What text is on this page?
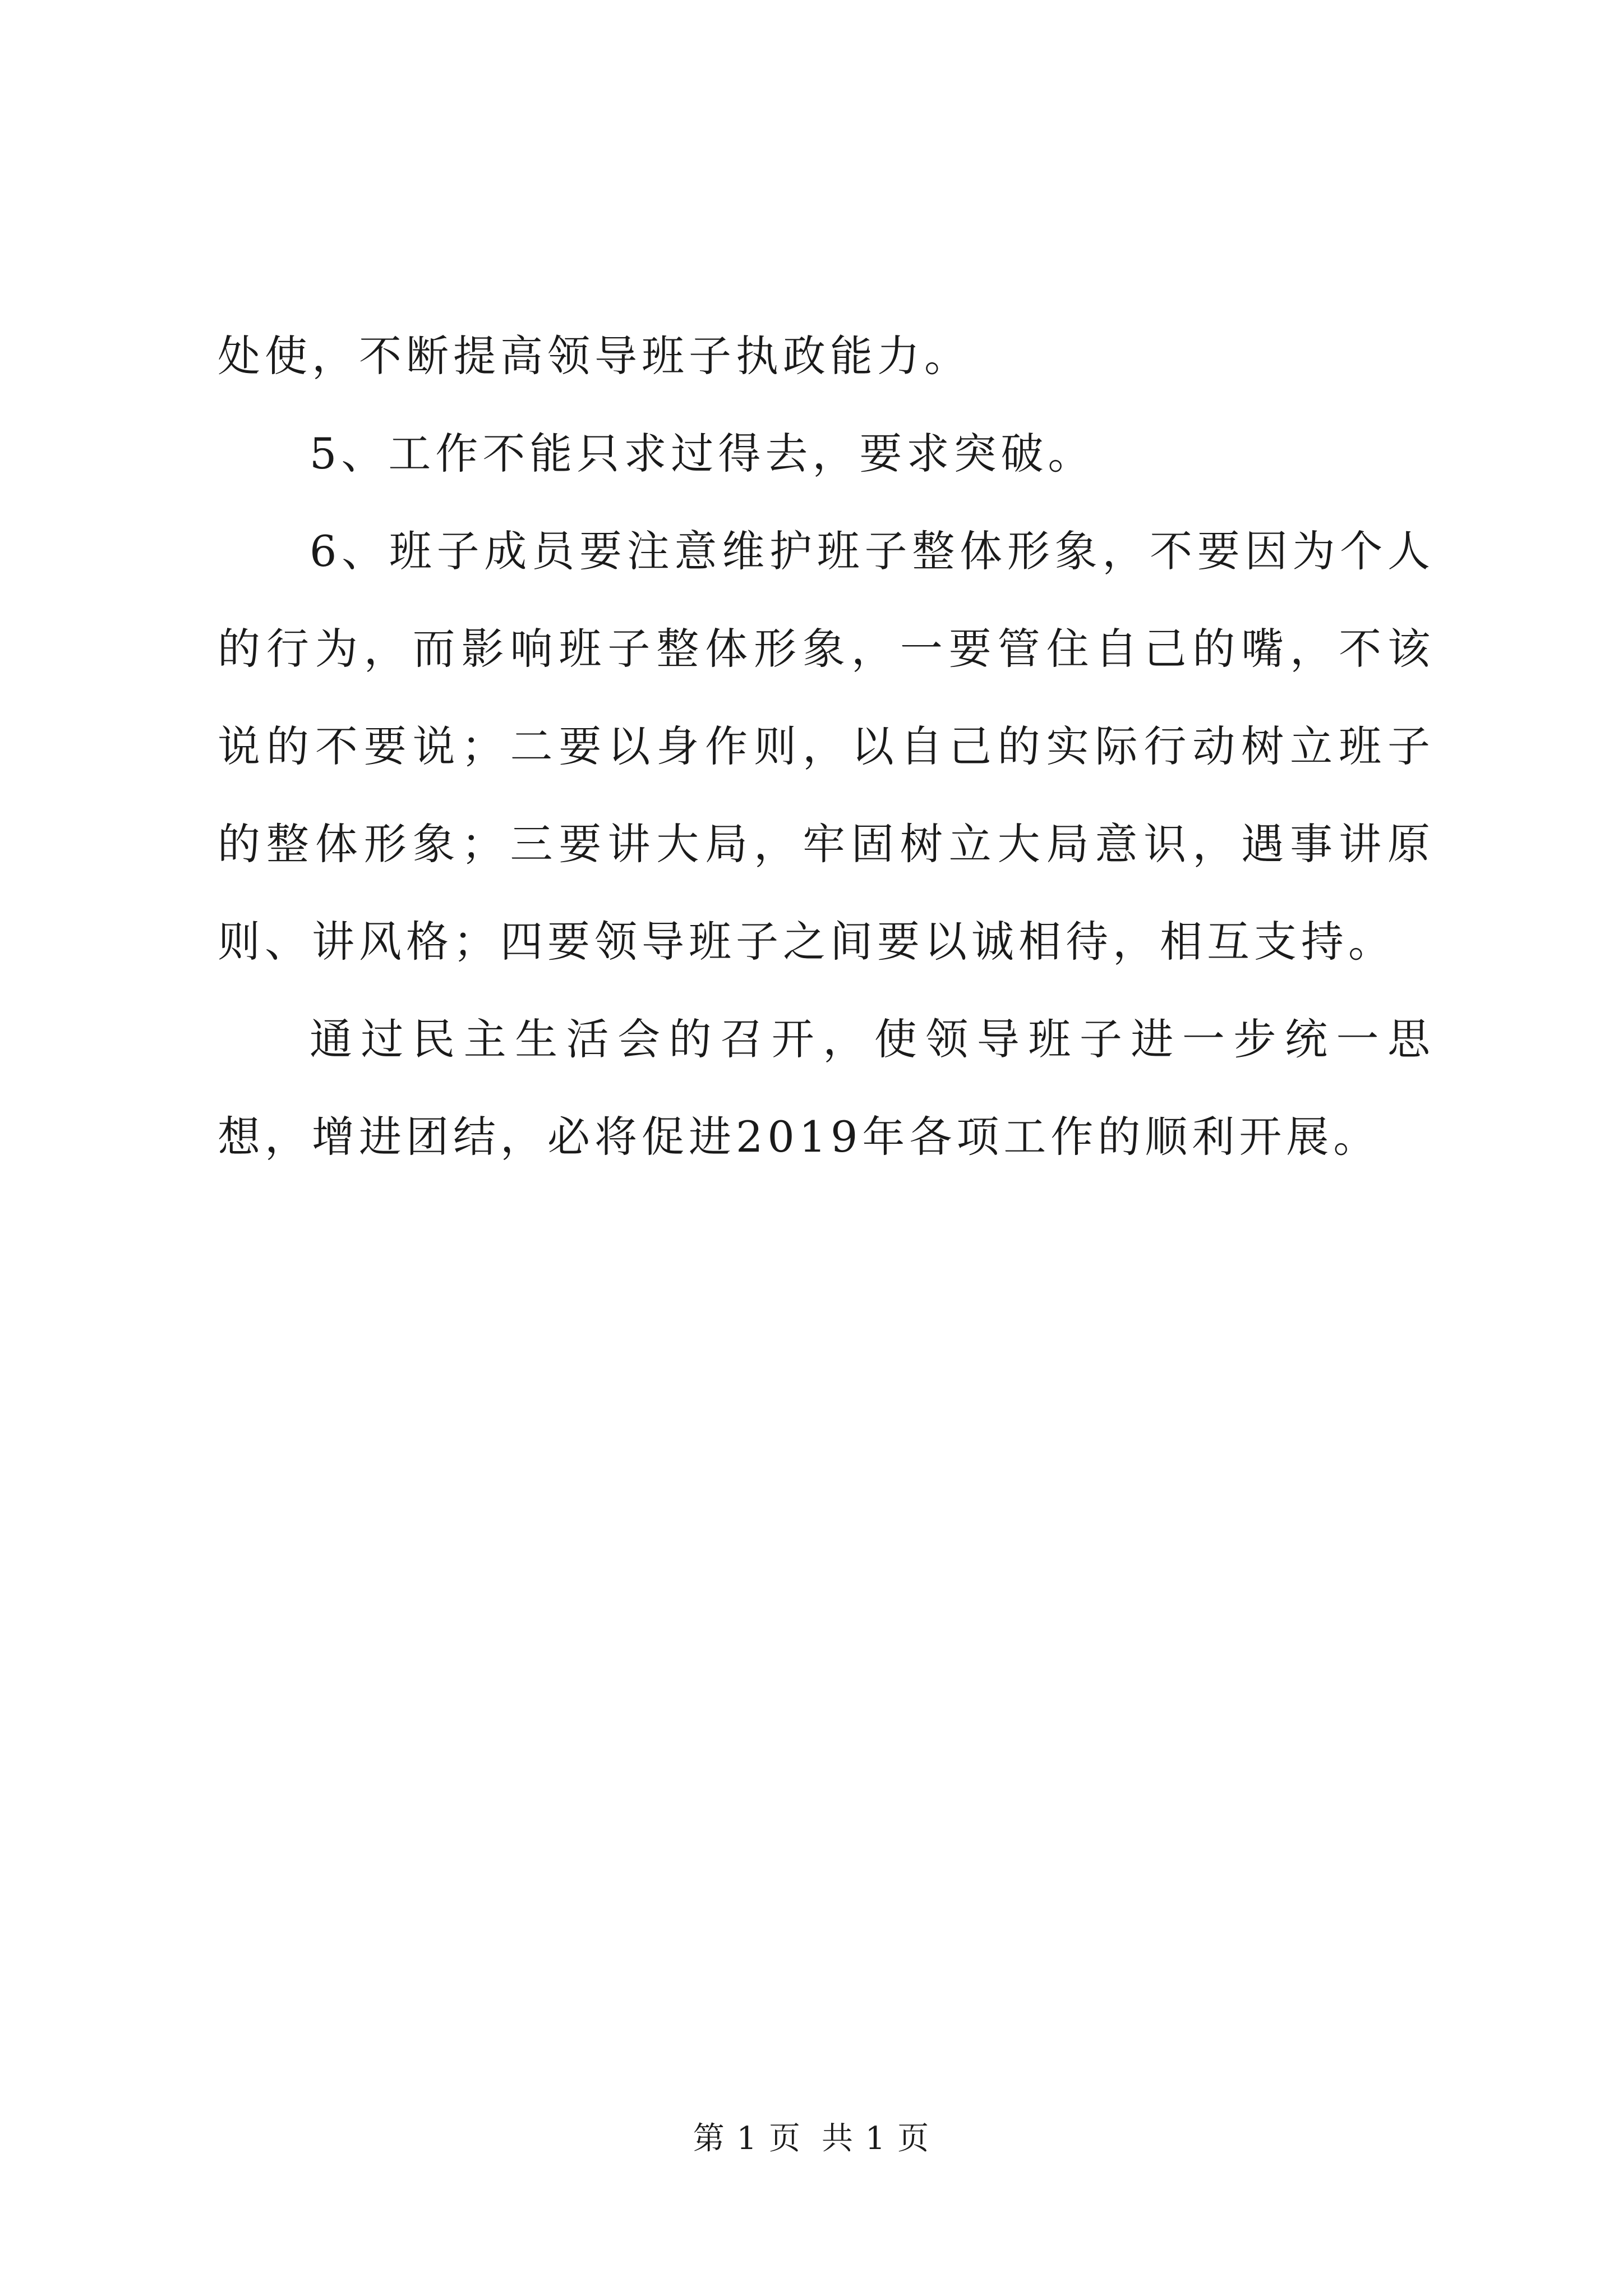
处使，不断提高领导班子执政能力。

5、工作不能只求过得去，要求突破。

6、班子成员要注意维护班子整体形象，不要因为个人的行为，而影响班子整体形象，一要管住自己的嘴，不该说的不要说；二要以身作则，以自己的实际行动树立班子的整体形象；三要讲大局，牢固树立大局意识，遇事讲原则、讲风格；四要领导班子之间要以诚相待，相互支持。

通过民主生活会的召开，使领导班子进一步统一思想，增进团结，必将促进2019年各项工作的顺利开展。

第 1 页 共 1 页
